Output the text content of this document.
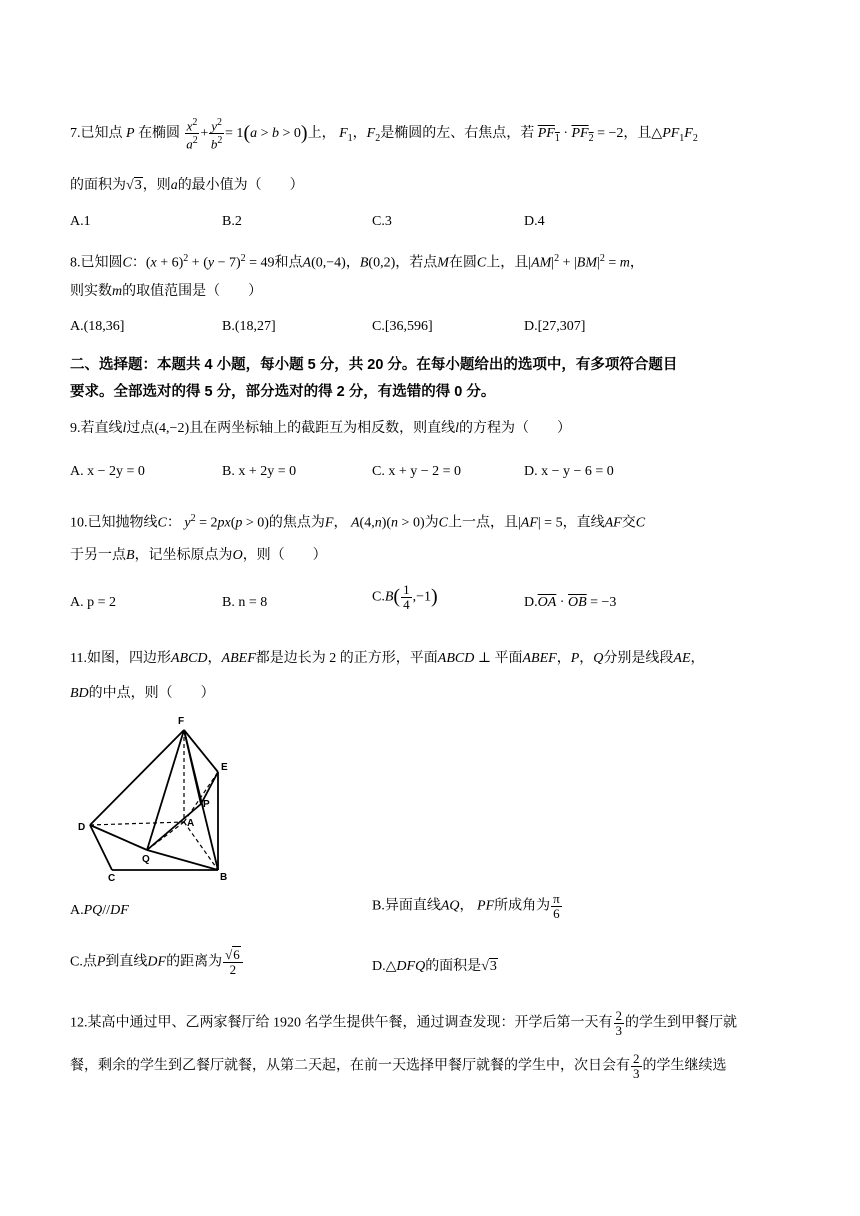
7.已知点 P 在椭圆 $\frac{x^2}{a^2} + \frac{y^2}{b^2} = 1(a > b > 0)$上， $F_1$，$F_2$是椭圆的左、右焦点，若 $PF_1 \cdot PF_2 = -2$，且$\triangle PF_1F_2$
的面积为√3，则a的最小值为（　　）
A.1	B.2	C.3	D.4
8.已知圆C：$(x + 6)^2 + (y - 7)^2 = 49$和点A(0,−4)，B(0,2)，若点M在圆C上，且$|AM|^2 + |BM|^2 = m$，
则实数m的取值范围是（　　）
A.(18,36]	B.(18,27]	C.[36,596]	D.[27,307]
二、选择题：本题共 4 小题，每小题 5 分，共 20 分。在每小题给出的选项中，有多项符合题目
要求。全部选对的得 5 分，部分选对的得 2 分，有选错的得 0 分。
9.若直线l过点(4,−2)且在两坐标轴上的截距互为相反数，则直线l的方程为（　　）
A. x − 2y = 0	B. x + 2y = 0	C. x + y − 2 = 0	D. x − y − 6 = 0
10.已知抛物线C： $y^2 = 2px(p > 0)$的焦点为F， A(4,n)(n > 0)为C上一点，且|AF| = 5，直线AF交C
于另一点B，记坐标原点为O，则（　　）
A. p = 2	B. n = 8	$C.B( \frac{1}{4} ,-1)$	$D.\overline{OA} \cdot \overline{OB} = -3$
11.如图，四边形ABCD，ABEF都是边长为 2 的正方形，平面ABCD ⊥ 平面ABEF，P，Q分别是线段AE，
BD的中点，则（　　）
F
E
P
A
D
Q
C	B
A.PQ//DF	B.异面直线AQ， PF所成角为 $\frac{\pi}{6}$
C.点P到直线DF的距离为 $\frac{√6}{2}$	D.△DFQ的面积是√3
12.某高中通过甲、乙两家餐厅给 1920 名学生提供午餐，通过调查发现：开学后第一天有 $\frac{2}{3}$ 的学生到甲餐厅就
餐，剩余的学生到乙餐厅就餐，从第二天起，在前一天选择甲餐厅就餐的学生中，次日会有 $\frac{2}{3}$ 的学生继续选
